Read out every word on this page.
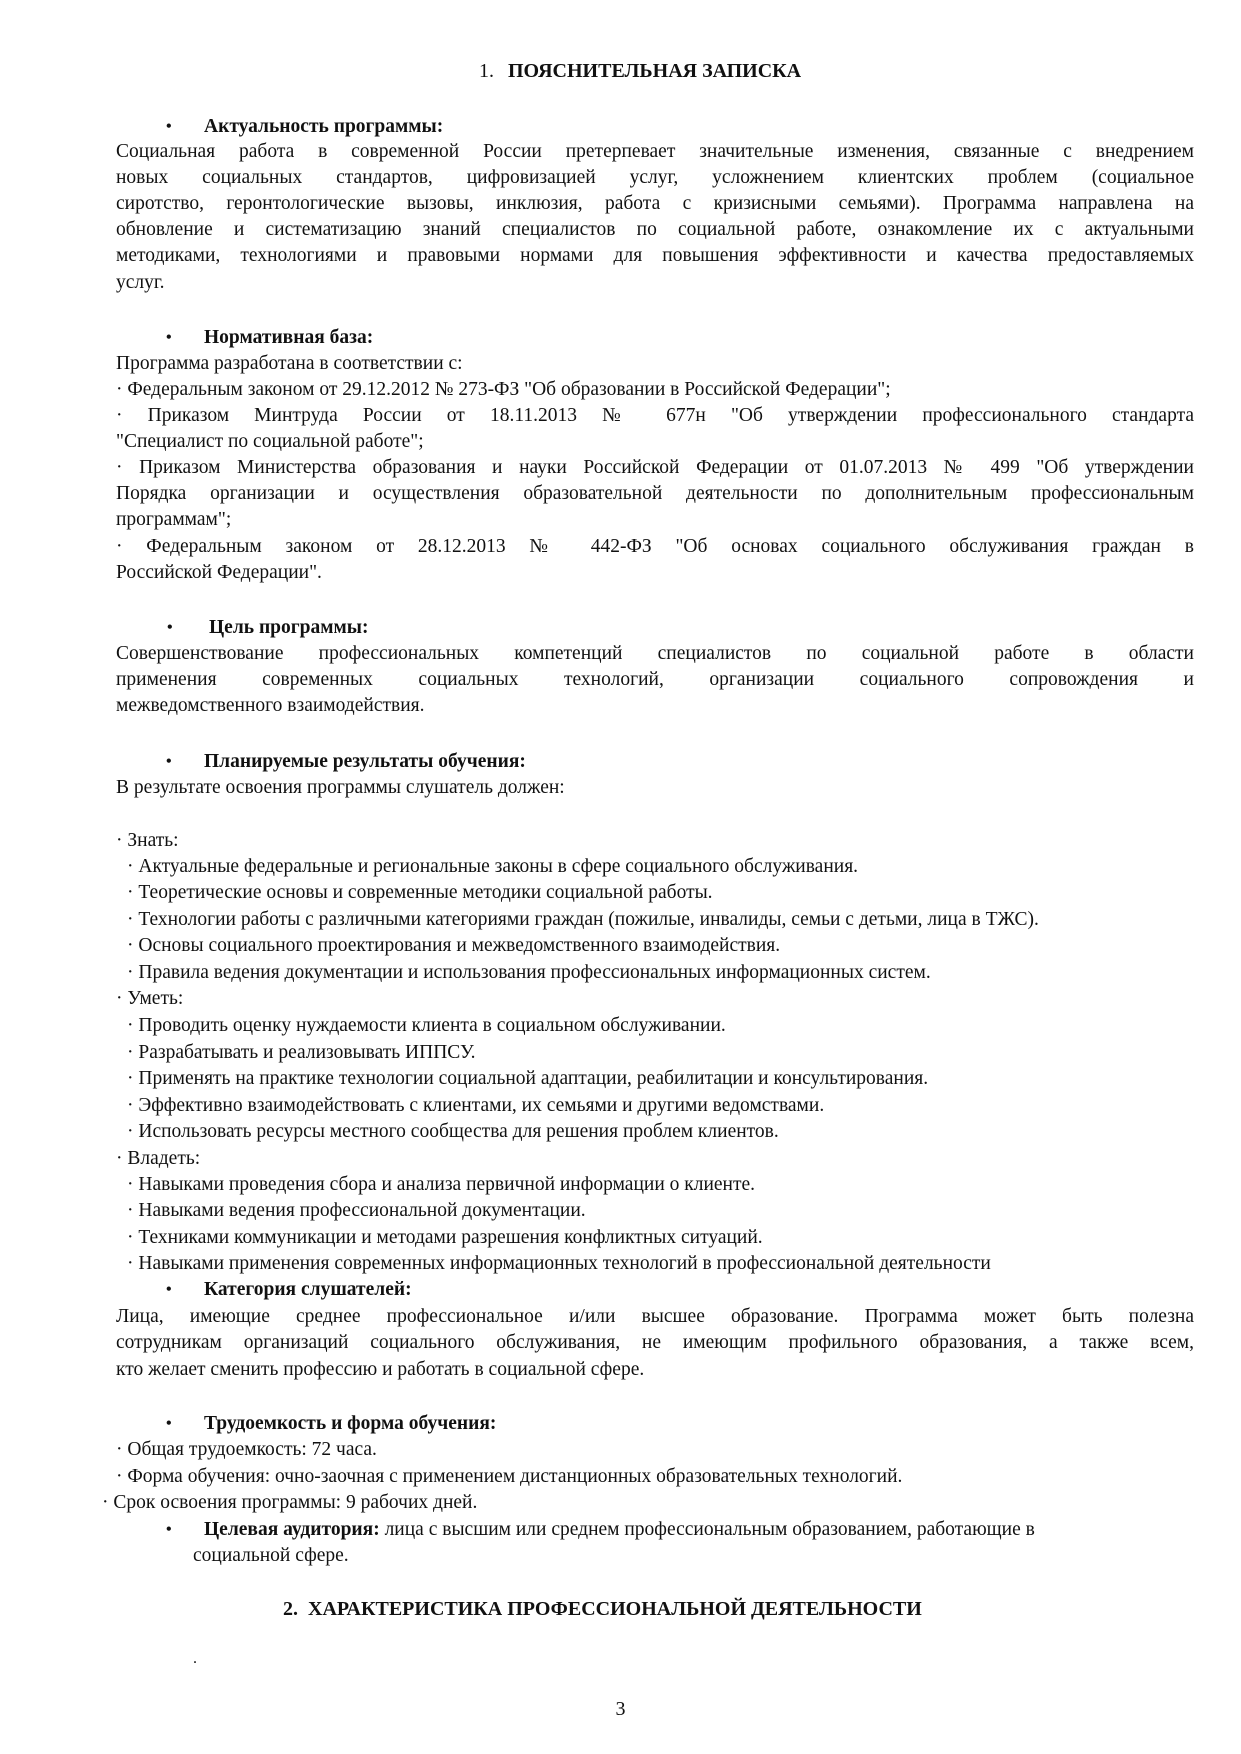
1. ПОЯСНИТЕЛЬНАЯ ЗАПИСКА
• Актуальность программы:
Социальная работа в современной России претерпевает значительные изменения, связанные с внедрением
новых социальных стандартов, цифровизацией услуг, усложнением клиентских проблем (социальное
сиротство, геронтологические вызовы, инклюзия, работа с кризисными семьями). Программа направлена на
обновление и систематизацию знаний специалистов по социальной работе, ознакомление их с актуальными
методиками, технологиями и правовыми нормами для повышения эффективности и качества предоставляемых
услуг.
• Нормативная база:
Программа разработана в соответствии с:
· Федеральным законом от 29.12.2012 № 273-ФЗ "Об образовании в Российской Федерации";
· Приказом Минтруда России от 18.11.2013 № 677н "Об утверждении профессионального стандарта
"Специалист по социальной работе";
· Приказом Министерства образования и науки Российской Федерации от 01.07.2013 № 499 "Об утверждении
Порядка организации и осуществления образовательной деятельности по дополнительным профессиональным
программам";
· Федеральным законом от 28.12.2013 № 442-ФЗ "Об основах социального обслуживания граждан в
Российской Федерации".
• Цель программы:
Совершенствование профессиональных компетенций специалистов по социальной работе в области
применения современных социальных технологий, организации социального сопровождения и
межведомственного взаимодействия.
• Планируемые результаты обучения:
В результате освоения программы слушатель должен:
· Знать:
· Актуальные федеральные и региональные законы в сфере социального обслуживания.
· Теоретические основы и современные методики социальной работы.
· Технологии работы с различными категориями граждан (пожилые, инвалиды, семьи с детьми, лица в ТЖС).
· Основы социального проектирования и межведомственного взаимодействия.
· Правила ведения документации и использования профессиональных информационных систем.
· Уметь:
· Проводить оценку нуждаемости клиента в социальном обслуживании.
· Разрабатывать и реализовывать ИППСУ.
· Применять на практике технологии социальной адаптации, реабилитации и консультирования.
· Эффективно взаимодействовать с клиентами, их семьями и другими ведомствами.
· Использовать ресурсы местного сообщества для решения проблем клиентов.
· Владеть:
· Навыками проведения сбора и анализа первичной информации о клиенте.
· Навыками ведения профессиональной документации.
· Техниками коммуникации и методами разрешения конфликтных ситуаций.
· Навыками применения современных информационных технологий в профессиональной деятельности
• Категория слушателей:
Лица, имеющие среднее профессиональное и/или высшее образование. Программа может быть полезна
сотрудникам организаций социального обслуживания, не имеющим профильного образования, а также всем,
кто желает сменить профессию и работать в социальной сфере.
• Трудоемкость и форма обучения:
· Общая трудоемкость: 72 часа.
· Форма обучения: очно-заочная с применением дистанционных образовательных технологий.
· Срок освоения программы: 9 рабочих дней.
• Целевая аудитория: лица с высшим или среднем профессиональным образованием, работающие в
социальной сфере.
2. ХАРАКТЕРИСТИКА ПРОФЕССИОНАЛЬНОЙ ДЕЯТЕЛЬНОСТИ
.
3
